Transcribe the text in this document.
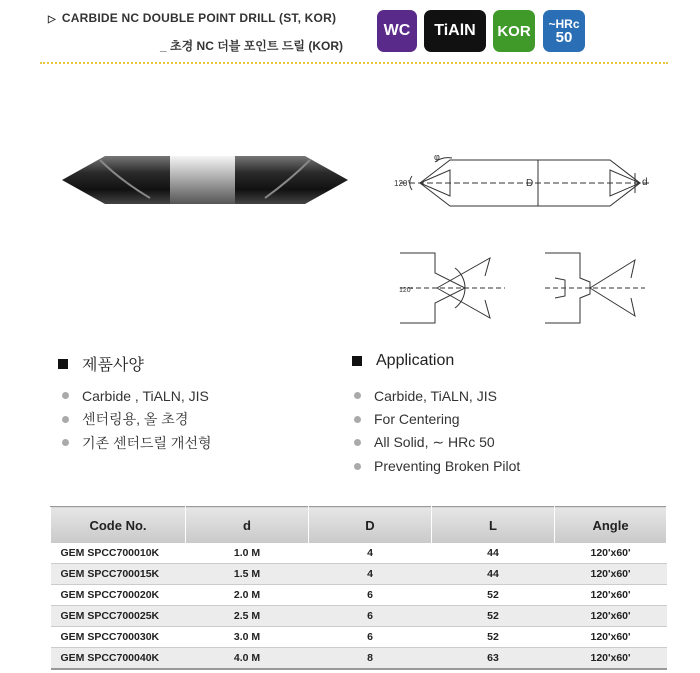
▷ CARBIDE NC DOUBLE POINT DRILL (ST, KOR)
_ 초경 NC 더블 포인트 드릴 (KOR)
WC	TiAlN	KOR	~HRc
50
120°
φ
D	d
120°
제품사양
Carbide , TiALN, JIS
센터링용, 올 초경
기존 센터드릴 개선형
Application
Carbide, TiALN, JIS
For Centering
All Solid, ∼ HRc 50
Preventing Broken Pilot
Code No.	d	D	L	Angle
GEM SPCC700010K	1.0 M	4	44	120'x60'
GEM SPCC700015K	1.5 M	4	44	120'x60'
GEM SPCC700020K	2.0 M	6	52	120'x60'
GEM SPCC700025K	2.5 M	6	52	120'x60'
GEM SPCC700030K	3.0 M	6	52	120'x60'
GEM SPCC700040K	4.0 M	8	63	120'x60'
